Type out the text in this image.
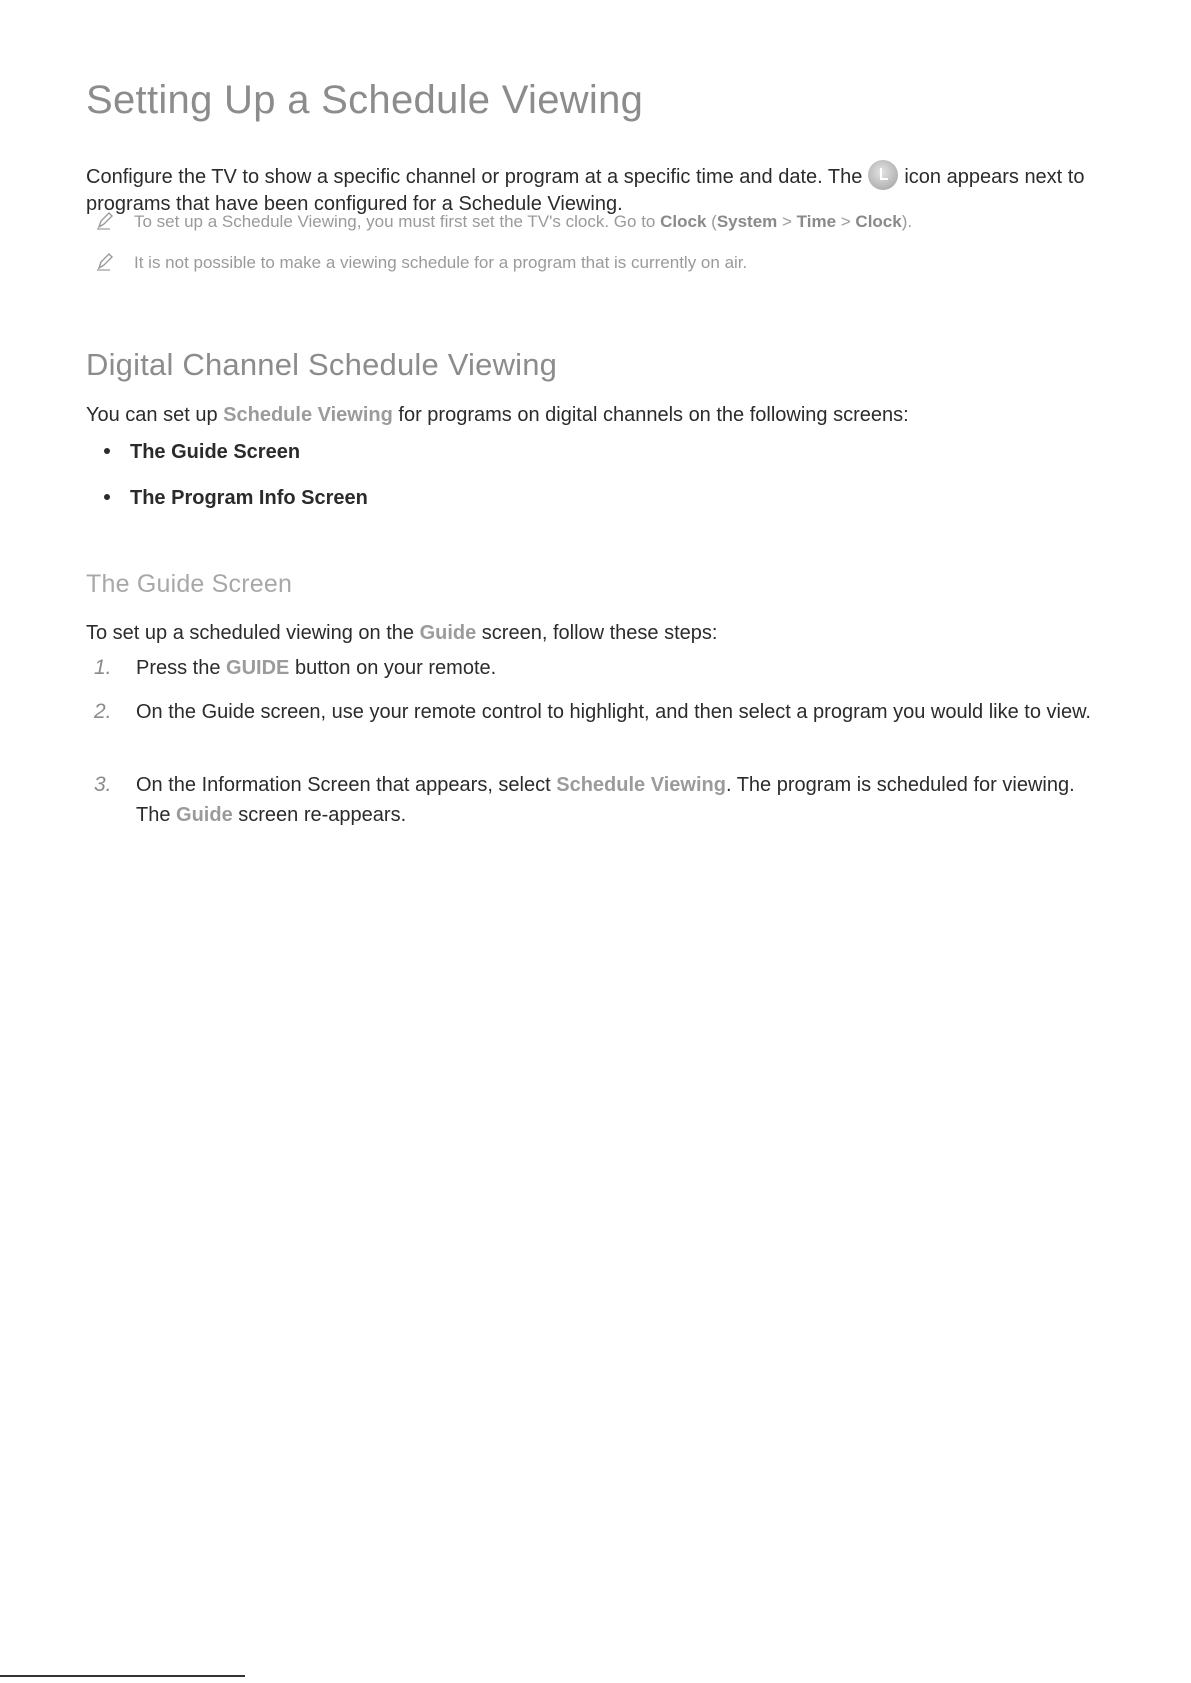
Setting Up a Schedule Viewing
Configure the TV to show a specific channel or program at a specific time and date. The icon appears next to programs that have been configured for a Schedule Viewing.
To set up a Schedule Viewing, you must first set the TV's clock. Go to Clock (System > Time > Clock).
It is not possible to make a viewing schedule for a program that is currently on air.
Digital Channel Schedule Viewing
You can set up Schedule Viewing for programs on digital channels on the following screens:
The Guide Screen
The Program Info Screen
The Guide Screen
To set up a scheduled viewing on the Guide screen, follow these steps:
1. Press the GUIDE button on your remote.
2. On the Guide screen, use your remote control to highlight, and then select a program you would like to view.
3. On the Information Screen that appears, select Schedule Viewing. The program is scheduled for viewing. The Guide screen re-appears.
